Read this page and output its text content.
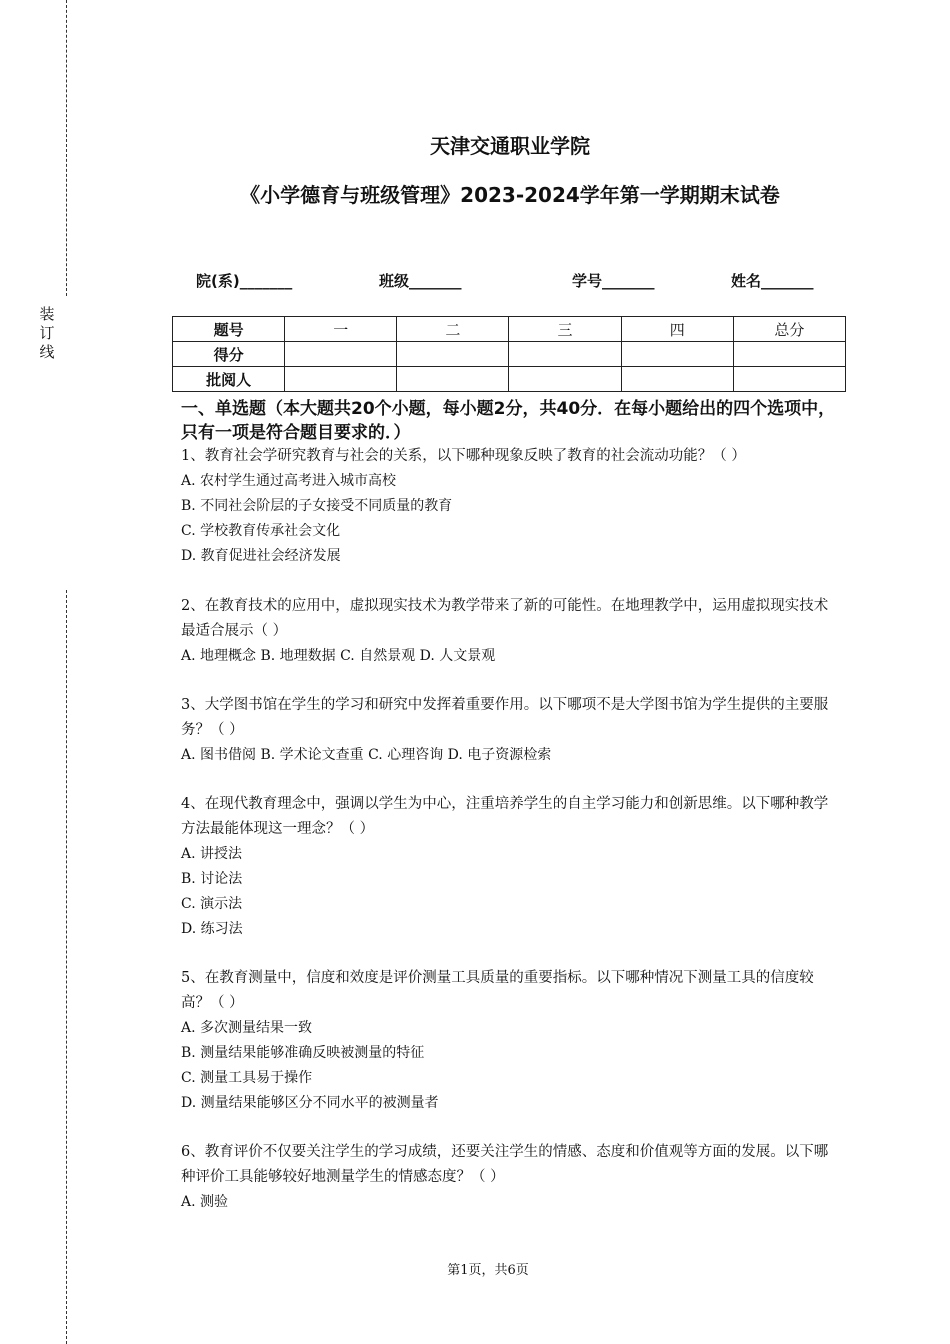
装订线
天津交通职业学院
《小学德育与班级管理》2023-2024学年第一学期期末试卷
院(系)_______	班级_______	学号_______	姓名_______
题号	一	二	三	四	总分
得分					
批阅人					
一、单选题（本大题共20个小题，每小题2分，共40分．在每小题给出的四个选项中，只有一项是符合题目要求的．）

1、教育社会学研究教育与社会的关系，以下哪种现象反映了教育的社会流动功能？（ ）

A. 农村学生通过高考进入城市高校

B. 不同社会阶层的子女接受不同质量的教育

C. 学校教育传承社会文化

D. 教育促进社会经济发展

2、在教育技术的应用中，虚拟现实技术为教学带来了新的可能性。在地理教学中，运用虚拟现实技术最适合展示（ ）

A. 地理概念 B. 地理数据 C. 自然景观 D. 人文景观

3、大学图书馆在学生的学习和研究中发挥着重要作用。以下哪项不是大学图书馆为学生提供的主要服务？（ ）

A. 图书借阅 B. 学术论文查重 C. 心理咨询 D. 电子资源检索

4、在现代教育理念中，强调以学生为中心，注重培养学生的自主学习能力和创新思维。以下哪种教学方法最能体现这一理念？（ ）

A. 讲授法

B. 讨论法

C. 演示法

D. 练习法

5、在教育测量中，信度和效度是评价测量工具质量的重要指标。以下哪种情况下测量工具的信度较高？（ ）

A. 多次测量结果一致

B. 测量结果能够准确反映被测量的特征

C. 测量工具易于操作

D. 测量结果能够区分不同水平的被测量者

6、教育评价不仅要关注学生的学习成绩，还要关注学生的情感、态度和价值观等方面的发展。以下哪种评价工具能够较好地测量学生的情感态度？（ ）

A. 测验

第1页，共6页
